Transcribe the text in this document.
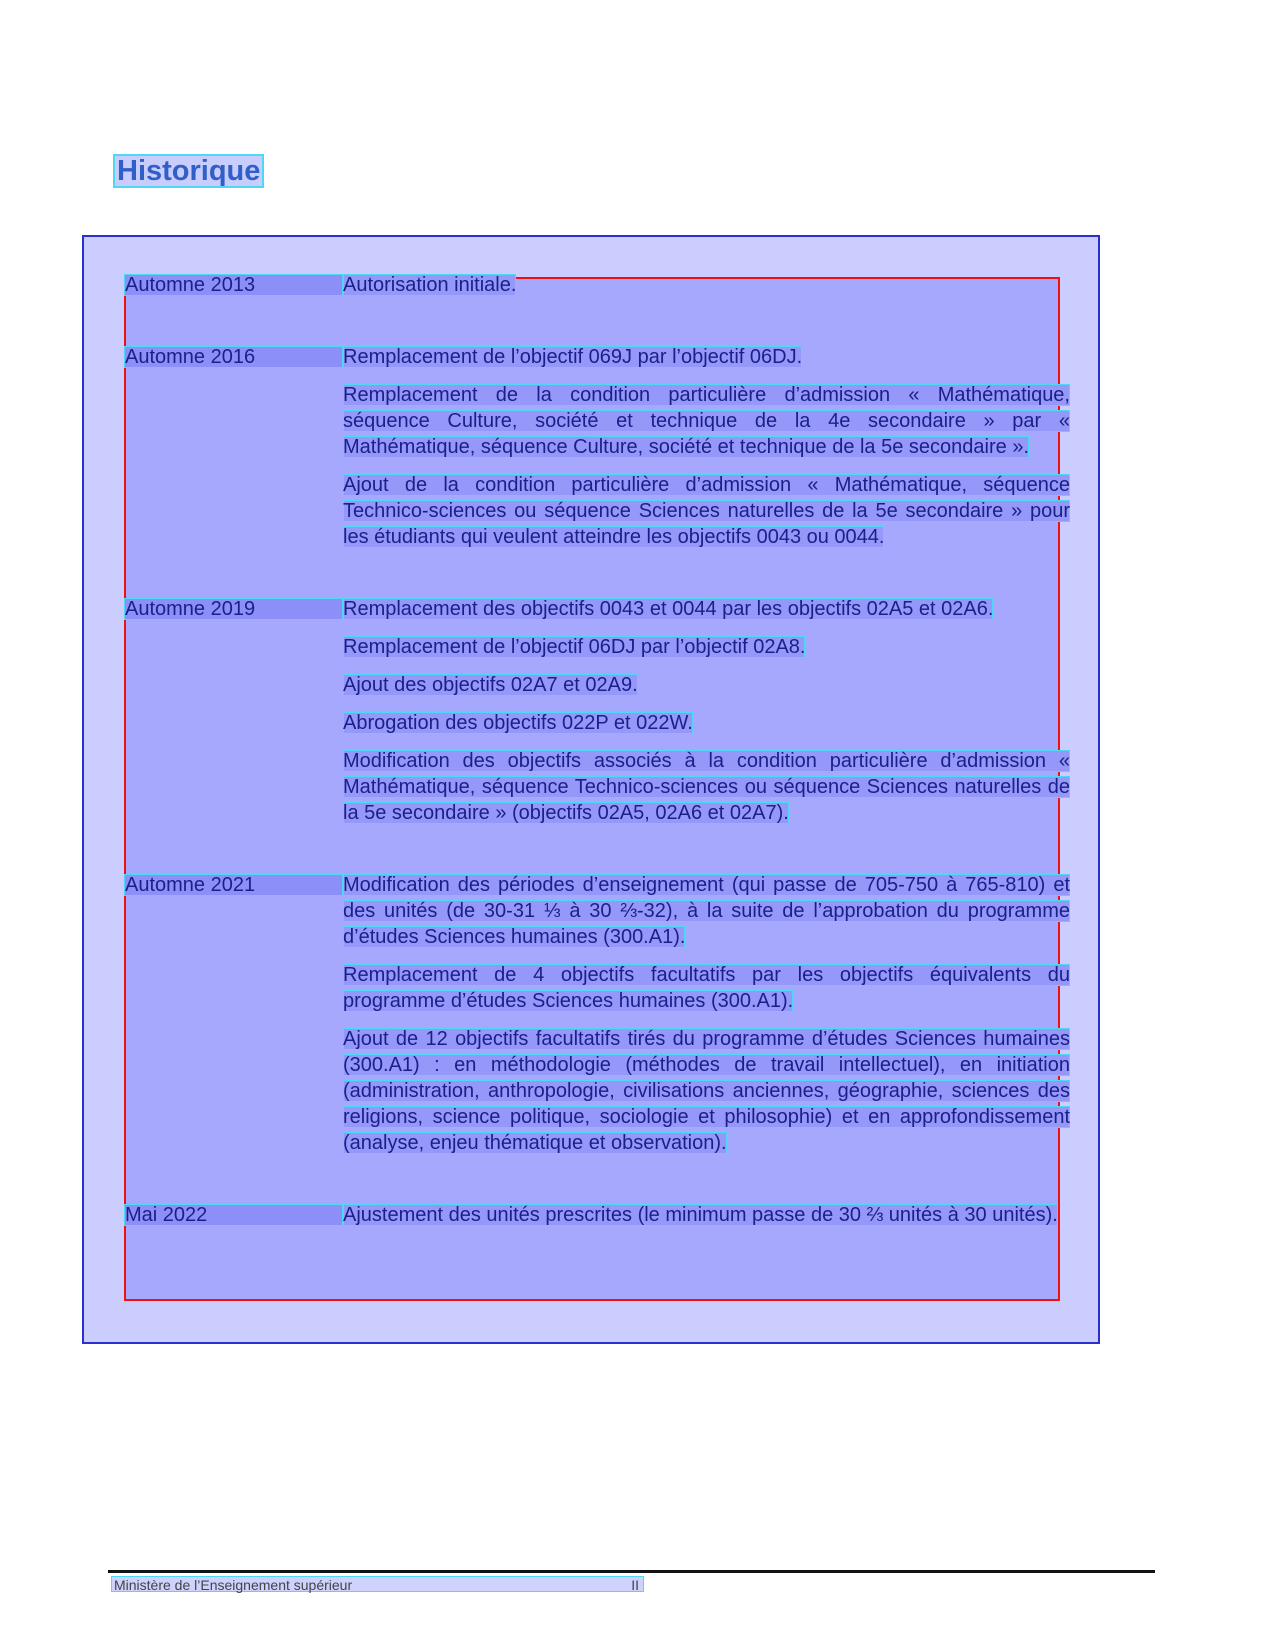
Historique
Automne 2013	Autorisation initiale.
Automne 2016	Remplacement de l’objectif 069J par l’objectif 06DJ.
Remplacement de la condition particulière d’admission « Mathématique, séquence Culture, société et technique de la 4e secondaire » par « Mathématique, séquence Culture, société et technique de la 5e secondaire ».
Ajout de la condition particulière d’admission « Mathématique, séquence Technico-sciences ou séquence Sciences naturelles de la 5e secondaire » pour les étudiants qui veulent atteindre les objectifs 0043 ou 0044.
Automne 2019	Remplacement des objectifs 0043 et 0044 par les objectifs 02A5 et 02A6.
Remplacement de l’objectif 06DJ par l’objectif 02A8.
Ajout des objectifs 02A7 et 02A9.
Abrogation des objectifs 022P et 022W.
Modification des objectifs associés à la condition particulière d’admission « Mathématique, séquence Technico-sciences ou séquence Sciences naturelles de la 5e secondaire » (objectifs 02A5, 02A6 et 02A7).
Automne 2021	Modification des périodes d’enseignement (qui passe de 705-750 à 765-810) et des unités (de 30-31 ⅓ à 30 ⅔-32), à la suite de l’approbation du programme d’études Sciences humaines (300.A1).
Remplacement de 4 objectifs facultatifs par les objectifs équivalents du programme d’études Sciences humaines (300.A1).
Ajout de 12 objectifs facultatifs tirés du programme d’études Sciences humaines (300.A1) : en méthodologie (méthodes de travail intellectuel), en initiation (administration, anthropologie, civilisations anciennes, géographie, sciences des religions, science politique, sociologie et philosophie) et en approfondissement (analyse, enjeu thématique et observation).
Mai 2022	Ajustement des unités prescrites (le minimum passe de 30 ⅔ unités à 30 unités).
Ministère de l’Enseignement supérieur	II
